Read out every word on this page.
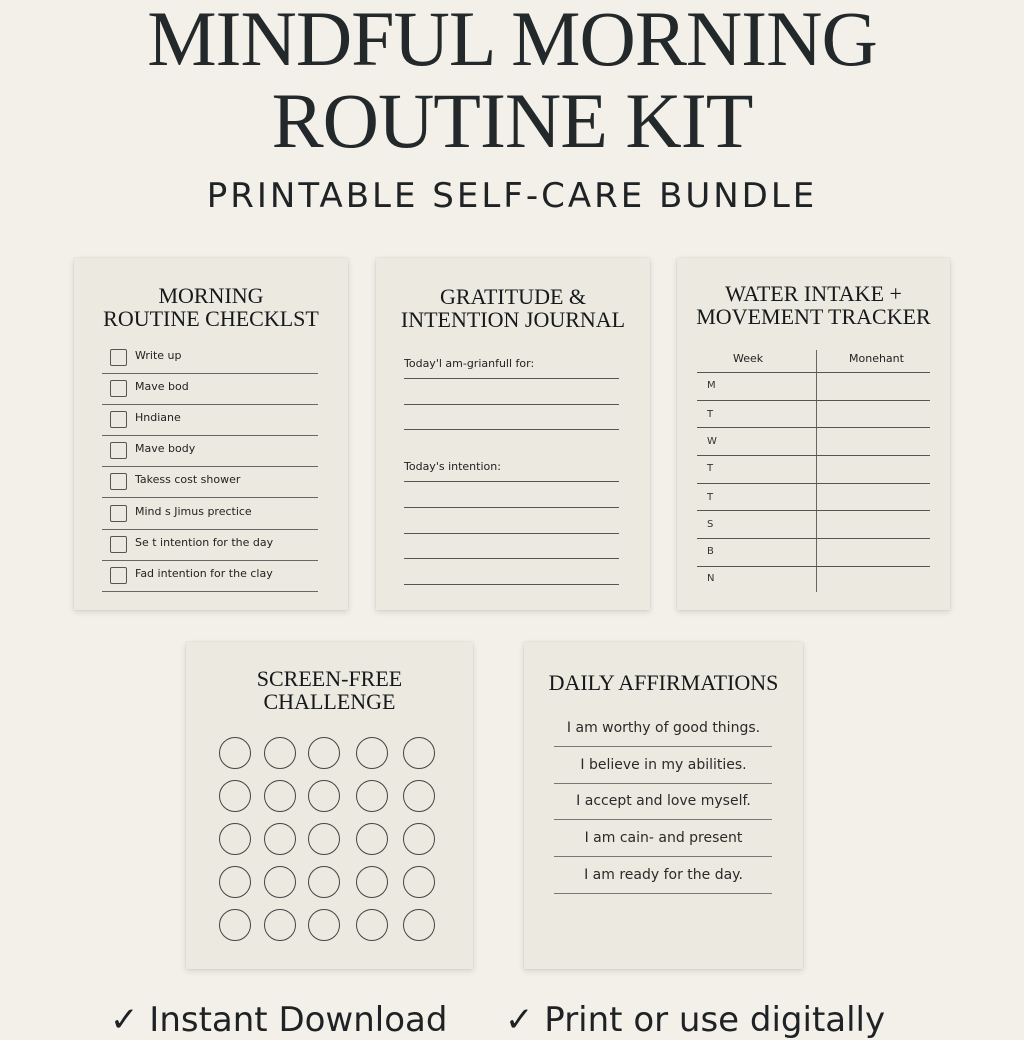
MINDFUL MORNING
ROUTINE KIT
PRINTABLE SELF-CARE BUNDLE
MORNING
ROUTINE CHECKLST
Write up
Mave bod
Hndiane
Mave body
Takess cost shower
Mind s Jimus prectice
Se t intention for the day
Fad intention for the clay
GRATITUDE &
INTENTION JOURNAL
Today'l am-grianfull for:
Today's intention:
WATER INTAKE +
MOVEMENT TRACKER
Week	Monehant
M
T
W
T
T
S
B
N
SCREEN-FREE
CHALLENGE
DAILY AFFIRMATIONS
I am worthy of good things.
I believe in my abilities.
I accept and love myself.
I am cain- and present
I am ready for the day.
✓ Instant Download ✓ Print or use digitally
